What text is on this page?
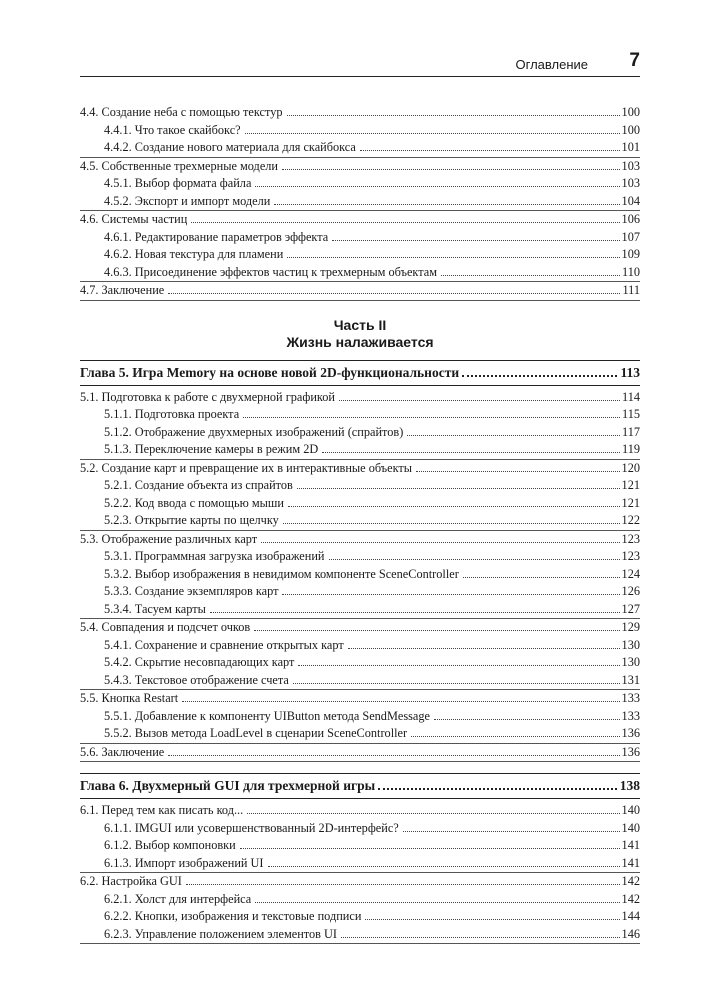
Оглавление 7
4.4. Создание неба с помощью текстур	100
4.4.1. Что такое скайбокс?	100
4.4.2. Создание нового материала для скайбокса	101
4.5. Собственные трехмерные модели	103
4.5.1. Выбор формата файла	103
4.5.2. Экспорт и импорт модели	104
4.6. Системы частиц	106
4.6.1. Редактирование параметров эффекта	107
4.6.2. Новая текстура для пламени	109
4.6.3. Присоединение эффектов частиц к трехмерным объектам	110
4.7. Заключение	111
Часть II
Жизнь налаживается
Глава 5. Игра Memory на основе новой 2D-функциональности	113
5.1. Подготовка к работе с двухмерной графикой	114
5.1.1. Подготовка проекта	115
5.1.2. Отображение двухмерных изображений (спрайтов)	117
5.1.3. Переключение камеры в режим 2D	119
5.2. Создание карт и превращение их в интерактивные объекты	120
5.2.1. Создание объекта из спрайтов	121
5.2.2. Код ввода с помощью мыши	121
5.2.3. Открытие карты по щелчку	122
5.3. Отображение различных карт	123
5.3.1. Программная загрузка изображений	123
5.3.2. Выбор изображения в невидимом компоненте SceneController	124
5.3.3. Создание экземпляров карт	126
5.3.4. Тасуем карты	127
5.4. Совпадения и подсчет очков	129
5.4.1. Сохранение и сравнение открытых карт	130
5.4.2. Скрытие несовпадающих карт	130
5.4.3. Текстовое отображение счета	131
5.5. Кнопка Restart	133
5.5.1. Добавление к компоненту UIButton метода SendMessage	133
5.5.2. Вызов метода LoadLevel в сценарии SceneController	136
5.6. Заключение	136
Глава 6. Двухмерный GUI для трехмерной игры	138
6.1. Перед тем как писать код...	140
6.1.1. IMGUI или усовершенствованный 2D-интерфейс?	140
6.1.2. Выбор компоновки	141
6.1.3. Импорт изображений UI	141
6.2. Настройка GUI	142
6.2.1. Холст для интерфейса	142
6.2.2. Кнопки, изображения и текстовые подписи	144
6.2.3. Управление положением элементов UI	146
